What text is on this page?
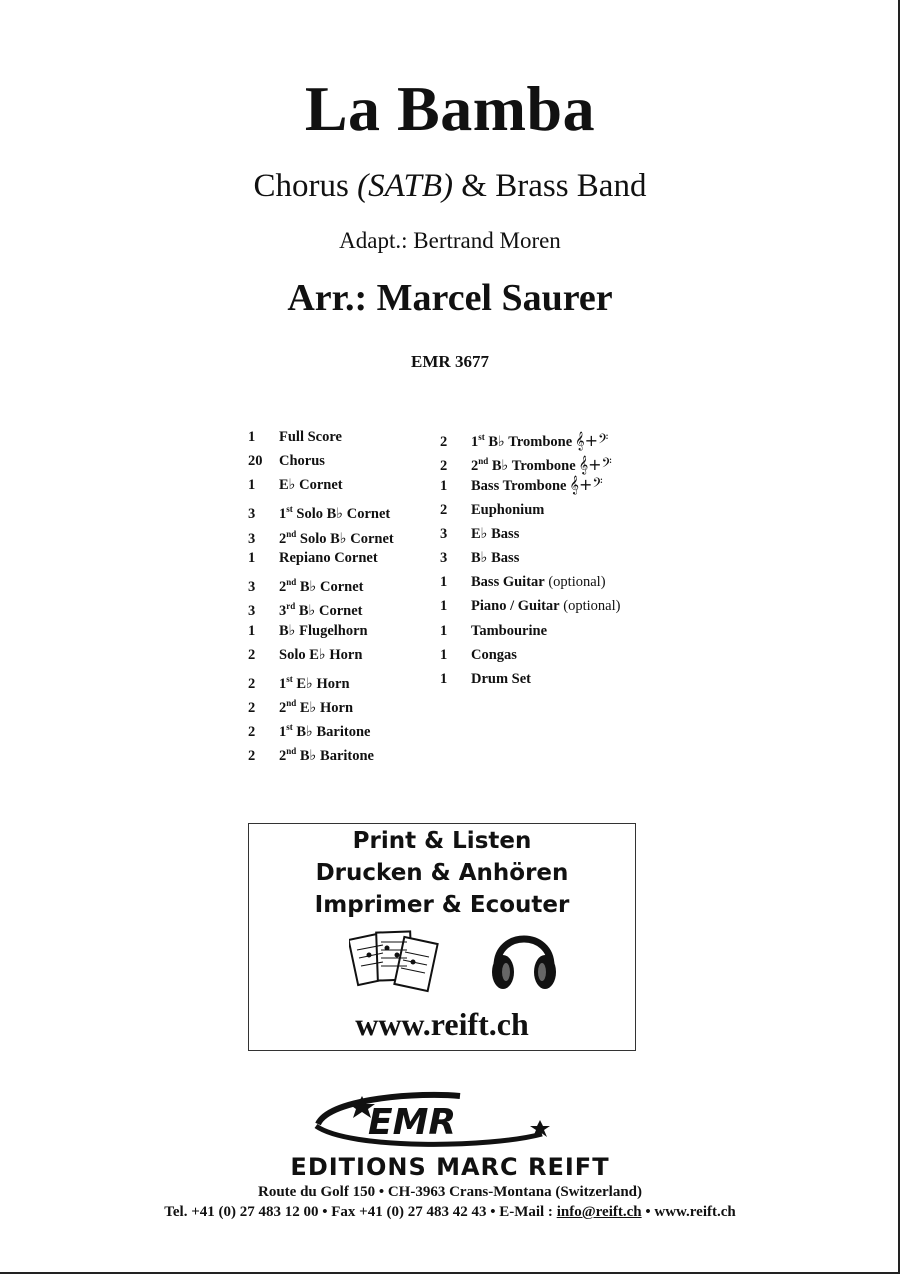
La Bamba
Chorus (SATB) & Brass Band
Adapt.: Bertrand Moren
Arr.: Marcel Saurer
EMR 3677
1 Full Score
20 Chorus
1 E♭ Cornet
3 1st Solo B♭ Cornet
3 2nd Solo B♭ Cornet
1 Repiano Cornet
3 2nd B♭ Cornet
3 3rd B♭ Cornet
1 B♭ Flugelhorn
2 Solo E♭ Horn
2 1st E♭ Horn
2 2nd E♭ Horn
2 1st B♭ Baritone
2 2nd B♭ Baritone
2 1st B♭ Trombone 𝄞+𝄢
2 2nd B♭ Trombone 𝄞+𝄢
1 Bass Trombone 𝄞+𝄢
2 Euphonium
3 E♭ Bass
3 B♭ Bass
1 Bass Guitar (optional)
1 Piano / Guitar (optional)
1 Tambourine
1 Congas
1 Drum Set
Print & Listen
Drucken & Anhören
Imprimer & Ecouter
www.reift.ch
EMR
EDITIONS MARC REIFT
Route du Golf 150 • CH-3963 Crans-Montana (Switzerland)
Tel. +41 (0) 27 483 12 00 • Fax +41 (0) 27 483 42 43 • E-Mail : info@reift.ch • www.reift.ch
